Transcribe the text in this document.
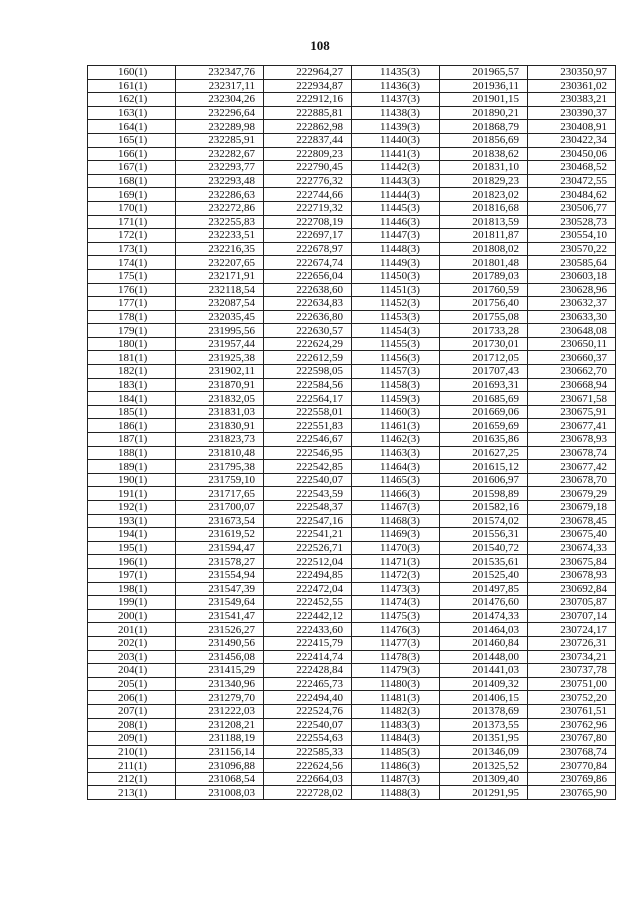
108
160(1)	232347,76	222964,27	11435(3)	201965,57	230350,97
161(1)	232317,11	222934,87	11436(3)	201936,11	230361,02
162(1)	232304,26	222912,16	11437(3)	201901,15	230383,21
163(1)	232296,64	222885,81	11438(3)	201890,21	230390,37
164(1)	232289,98	222862,98	11439(3)	201868,79	230408,91
165(1)	232285,91	222837,44	11440(3)	201856,69	230422,34
166(1)	232282,67	222809,23	11441(3)	201838,62	230450,06
167(1)	232293,77	222790,45	11442(3)	201831,10	230468,52
168(1)	232293,48	222776,32	11443(3)	201829,23	230472,55
169(1)	232286,63	222744,66	11444(3)	201823,02	230484,62
170(1)	232272,86	222719,32	11445(3)	201816,68	230506,77
171(1)	232255,83	222708,19	11446(3)	201813,59	230528,73
172(1)	232233,51	222697,17	11447(3)	201811,87	230554,10
173(1)	232216,35	222678,97	11448(3)	201808,02	230570,22
174(1)	232207,65	222674,74	11449(3)	201801,48	230585,64
175(1)	232171,91	222656,04	11450(3)	201789,03	230603,18
176(1)	232118,54	222638,60	11451(3)	201760,59	230628,96
177(1)	232087,54	222634,83	11452(3)	201756,40	230632,37
178(1)	232035,45	222636,80	11453(3)	201755,08	230633,30
179(1)	231995,56	222630,57	11454(3)	201733,28	230648,08
180(1)	231957,44	222624,29	11455(3)	201730,01	230650,11
181(1)	231925,38	222612,59	11456(3)	201712,05	230660,37
182(1)	231902,11	222598,05	11457(3)	201707,43	230662,70
183(1)	231870,91	222584,56	11458(3)	201693,31	230668,94
184(1)	231832,05	222564,17	11459(3)	201685,69	230671,58
185(1)	231831,03	222558,01	11460(3)	201669,06	230675,91
186(1)	231830,91	222551,83	11461(3)	201659,69	230677,41
187(1)	231823,73	222546,67	11462(3)	201635,86	230678,93
188(1)	231810,48	222546,95	11463(3)	201627,25	230678,74
189(1)	231795,38	222542,85	11464(3)	201615,12	230677,42
190(1)	231759,10	222540,07	11465(3)	201606,97	230678,70
191(1)	231717,65	222543,59	11466(3)	201598,89	230679,29
192(1)	231700,07	222548,37	11467(3)	201582,16	230679,18
193(1)	231673,54	222547,16	11468(3)	201574,02	230678,45
194(1)	231619,52	222541,21	11469(3)	201556,31	230675,40
195(1)	231594,47	222526,71	11470(3)	201540,72	230674,33
196(1)	231578,27	222512,04	11471(3)	201535,61	230675,84
197(1)	231554,94	222494,85	11472(3)	201525,40	230678,93
198(1)	231547,39	222472,04	11473(3)	201497,85	230692,84
199(1)	231549,64	222452,55	11474(3)	201476,60	230705,87
200(1)	231541,47	222442,12	11475(3)	201474,33	230707,14
201(1)	231526,27	222433,60	11476(3)	201464,03	230724,17
202(1)	231490,56	222415,79	11477(3)	201460,84	230726,31
203(1)	231456,08	222414,74	11478(3)	201448,00	230734,21
204(1)	231415,29	222428,84	11479(3)	201441,03	230737,78
205(1)	231340,96	222465,73	11480(3)	201409,32	230751,00
206(1)	231279,70	222494,40	11481(3)	201406,15	230752,20
207(1)	231222,03	222524,76	11482(3)	201378,69	230761,51
208(1)	231208,21	222540,07	11483(3)	201373,55	230762,96
209(1)	231188,19	222554,63	11484(3)	201351,95	230767,80
210(1)	231156,14	222585,33	11485(3)	201346,09	230768,74
211(1)	231096,88	222624,56	11486(3)	201325,52	230770,84
212(1)	231068,54	222664,03	11487(3)	201309,40	230769,86
213(1)	231008,03	222728,02	11488(3)	201291,95	230765,90
